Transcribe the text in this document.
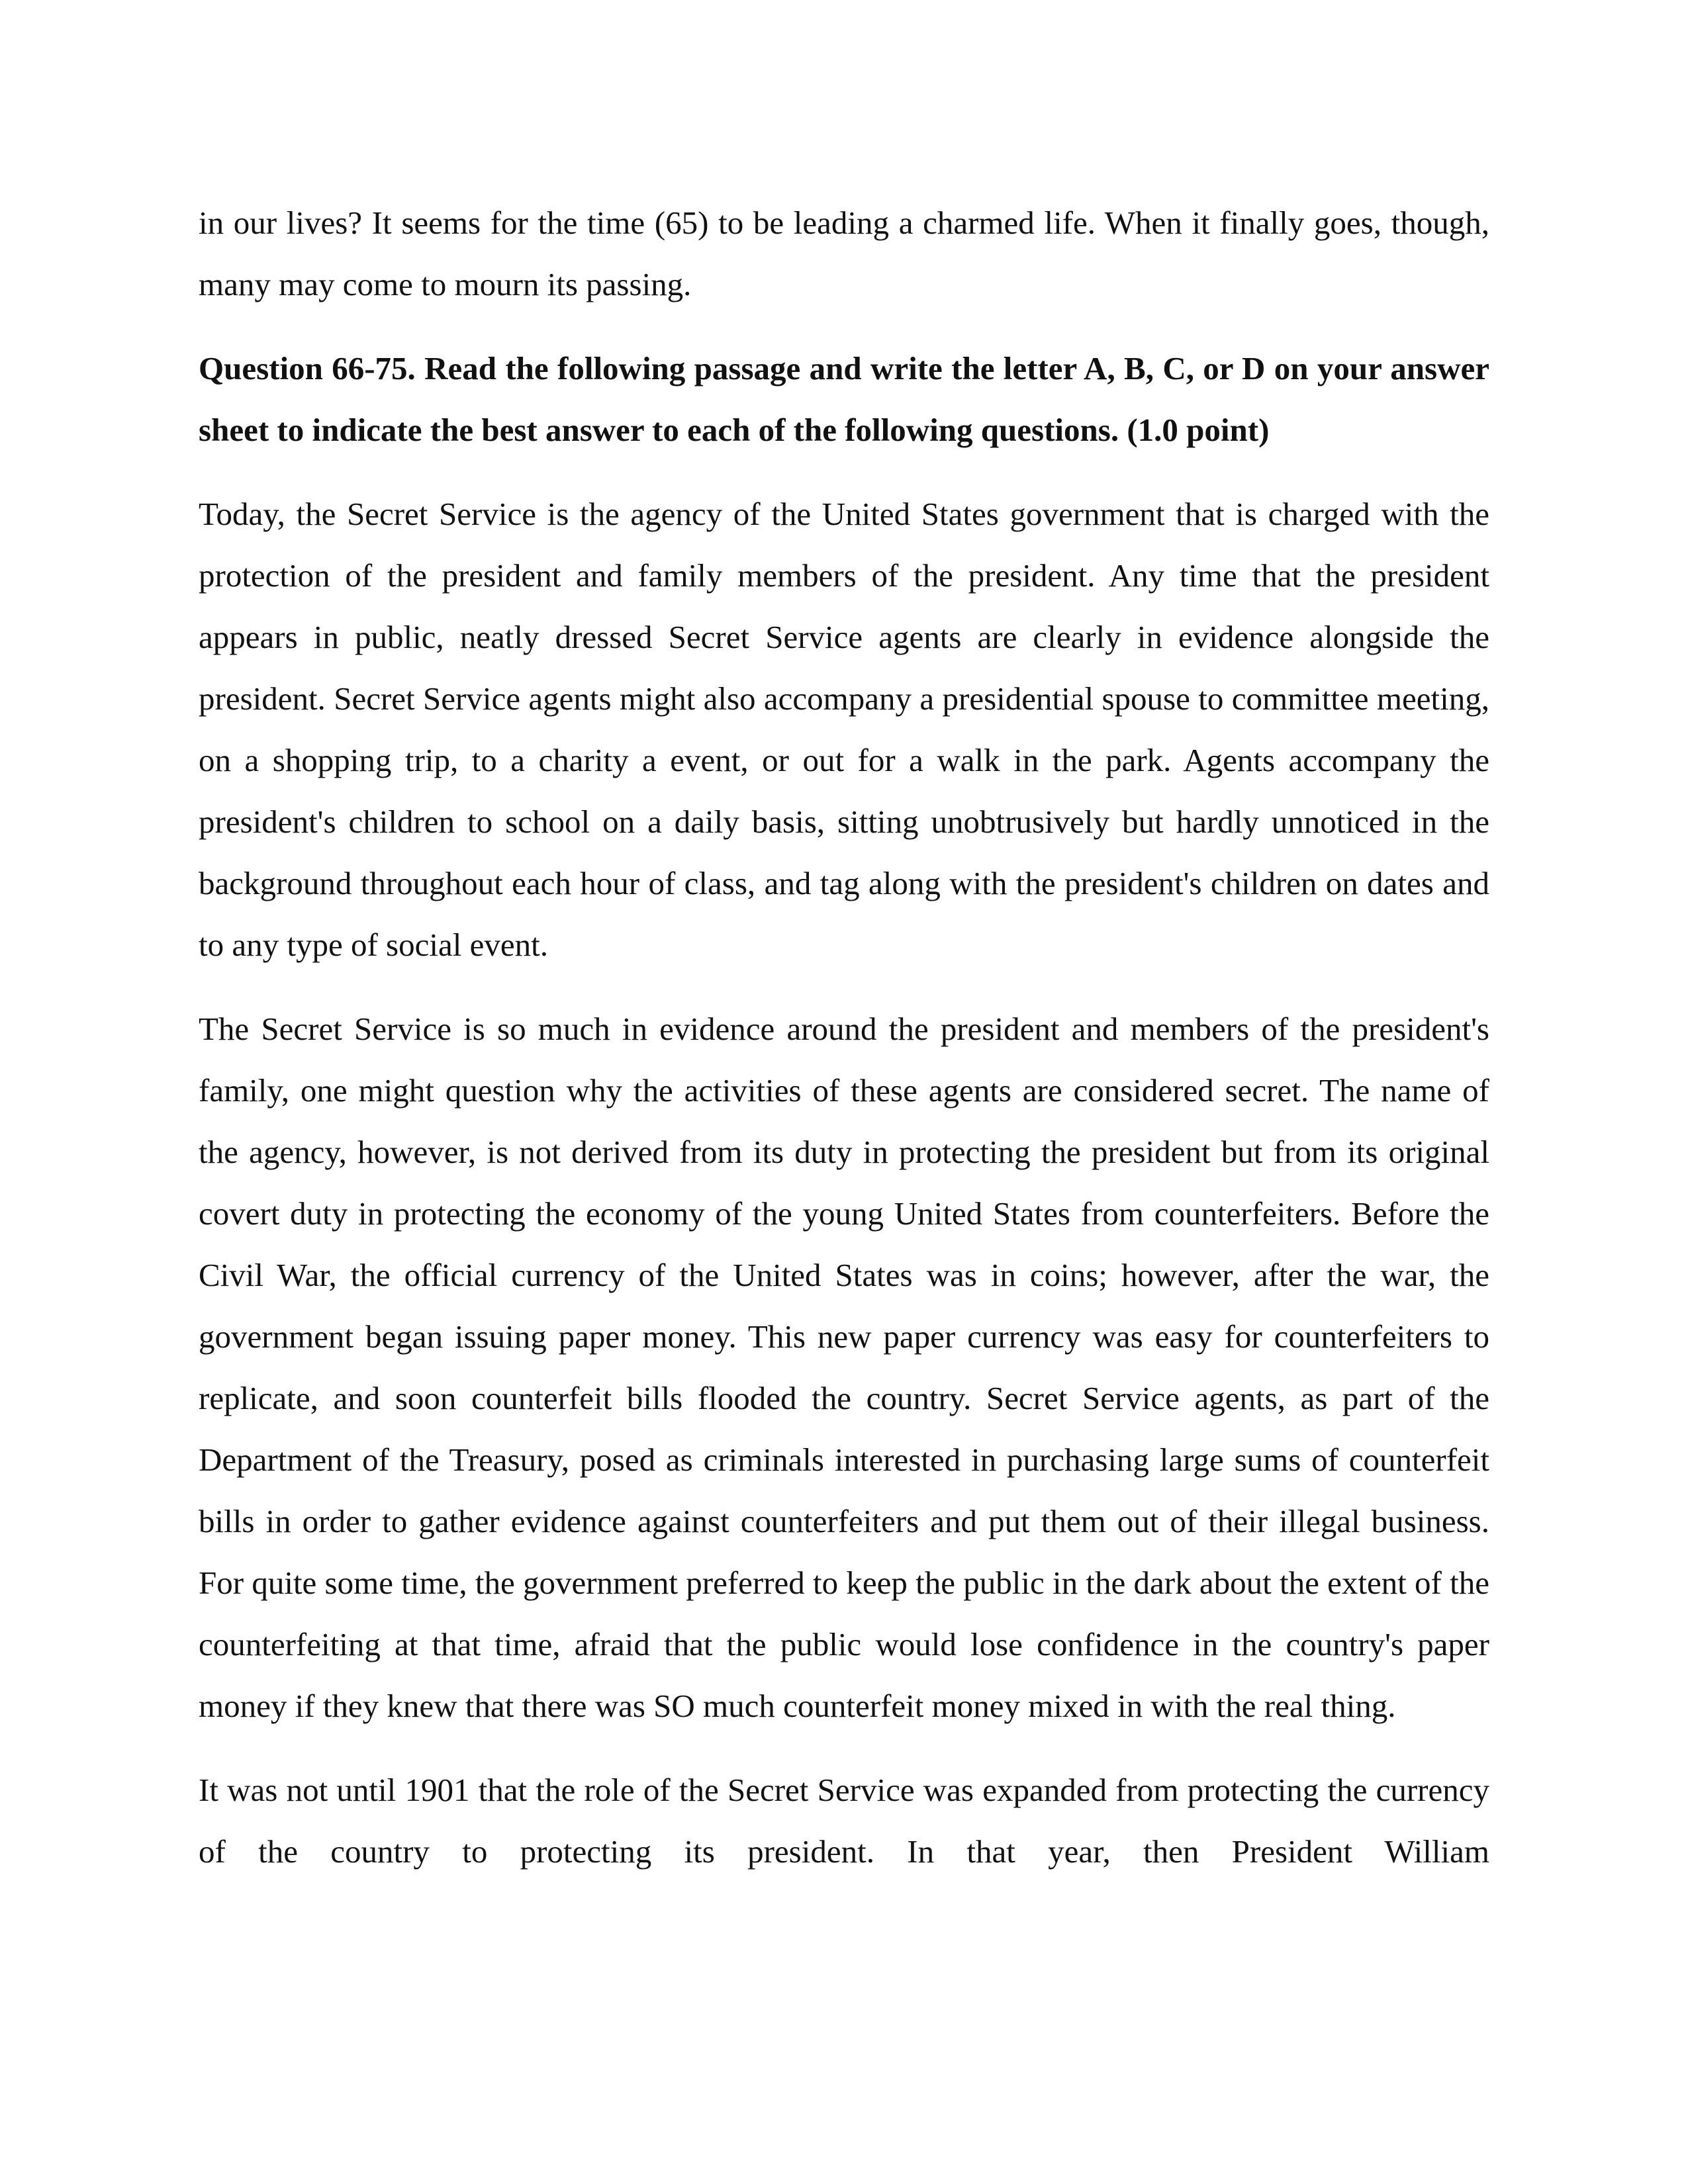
in our lives? It seems for the time (65) to be leading a charmed life. When it finally goes, though, many may come to mourn its passing.

Question 66-75. Read the following passage and write the letter A, B, C, or D on your answer sheet to indicate the best answer to each of the following questions. (1.0 point)

Today, the Secret Service is the agency of the United States government that is charged with the protection of the president and family members of the president. Any time that the president appears in public, neatly dressed Secret Service agents are clearly in evidence alongside the president. Secret Service agents might also accompany a presidential spouse to committee meeting, on a shopping trip, to a charity a event, or out for a walk in the park. Agents accompany the president's children to school on a daily basis, sitting unobtrusively but hardly unnoticed in the background throughout each hour of class, and tag along with the president's children on dates and to any type of social event.

The Secret Service is so much in evidence around the president and members of the president's family, one might question why the activities of these agents are considered secret. The name of the agency, however, is not derived from its duty in protecting the president but from its original covert duty in protecting the economy of the young United States from counterfeiters. Before the Civil War, the official currency of the United States was in coins; however, after the war, the government began issuing paper money. This new paper currency was easy for counterfeiters to replicate, and soon counterfeit bills flooded the country. Secret Service agents, as part of the Department of the Treasury, posed as criminals interested in purchasing large sums of counterfeit bills in order to gather evidence against counterfeiters and put them out of their illegal business. For quite some time, the government preferred to keep the public in the dark about the extent of the counterfeiting at that time, afraid that the public would lose confidence in the country's paper money if they knew that there was SO much counterfeit money mixed in with the real thing.

It was not until 1901 that the role of the Secret Service was expanded from protecting the currency of the country to protecting its president. In that year, then President William
